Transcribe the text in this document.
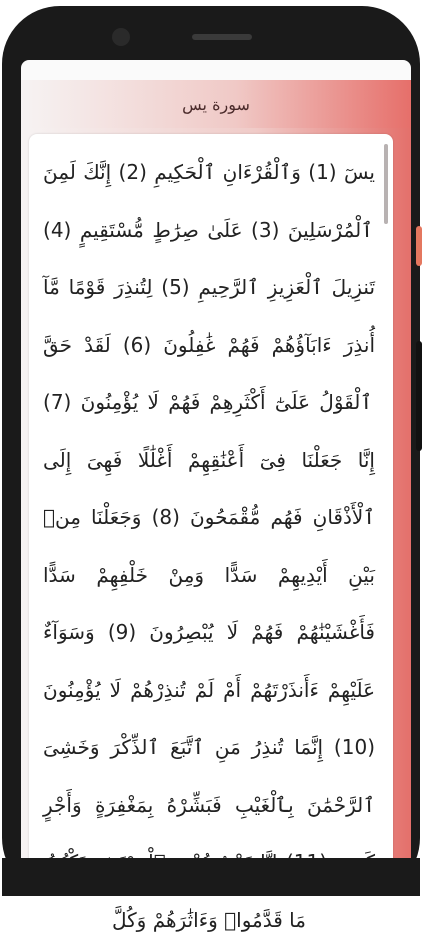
سورة يس
يسٓ (1) وَٱلْقُرْءَانِ ٱلْحَكِيمِ (2) إِنَّكَ لَمِنَ ٱلْمُرْسَلِينَ (3) عَلَىٰ صِرَٰطٍ مُّسْتَقِيمٍ (4) تَنزِيلَ ٱلْعَزِيزِ ٱلرَّحِيمِ (5) لِتُنذِرَ قَوْمًا مَّآ أُنذِرَ ءَابَآؤُهُمْ فَهُمْ غَٰفِلُونَ (6) لَقَدْ حَقَّ ٱلْقَوْلُ عَلَىٰٓ أَكْثَرِهِمْ فَهُمْ لَا يُؤْمِنُونَ (7) إِنَّا جَعَلْنَا فِىٓ أَعْنَٰقِهِمْ أَغْلَٰلًا فَهِىَ إِلَى ٱلْأَذْقَانِ فَهُم مُّقْمَحُونَ (8) وَجَعَلْنَا مِنۢ بَيْنِ أَيْدِيهِمْ سَدًّا وَمِنْ خَلْفِهِمْ سَدًّا فَأَغْشَيْنَٰهُمْ فَهُمْ لَا يُبْصِرُونَ (9) وَسَوَآءٌ عَلَيْهِمْ ءَأَنذَرْتَهُمْ أَمْ لَمْ تُنذِرْهُمْ لَا يُؤْمِنُونَ (10) إِنَّمَا تُنذِرُ مَنِ ٱتَّبَعَ ٱلذِّكْرَ وَخَشِىَ ٱلرَّحْمَٰنَ بِٱلْغَيْبِ فَبَشِّرْهُ بِمَغْفِرَةٍ وَأَجْرٍ مَا قَدَّمُوا۟ وَءَاثَٰرَهُمْ وَكُلَّ
